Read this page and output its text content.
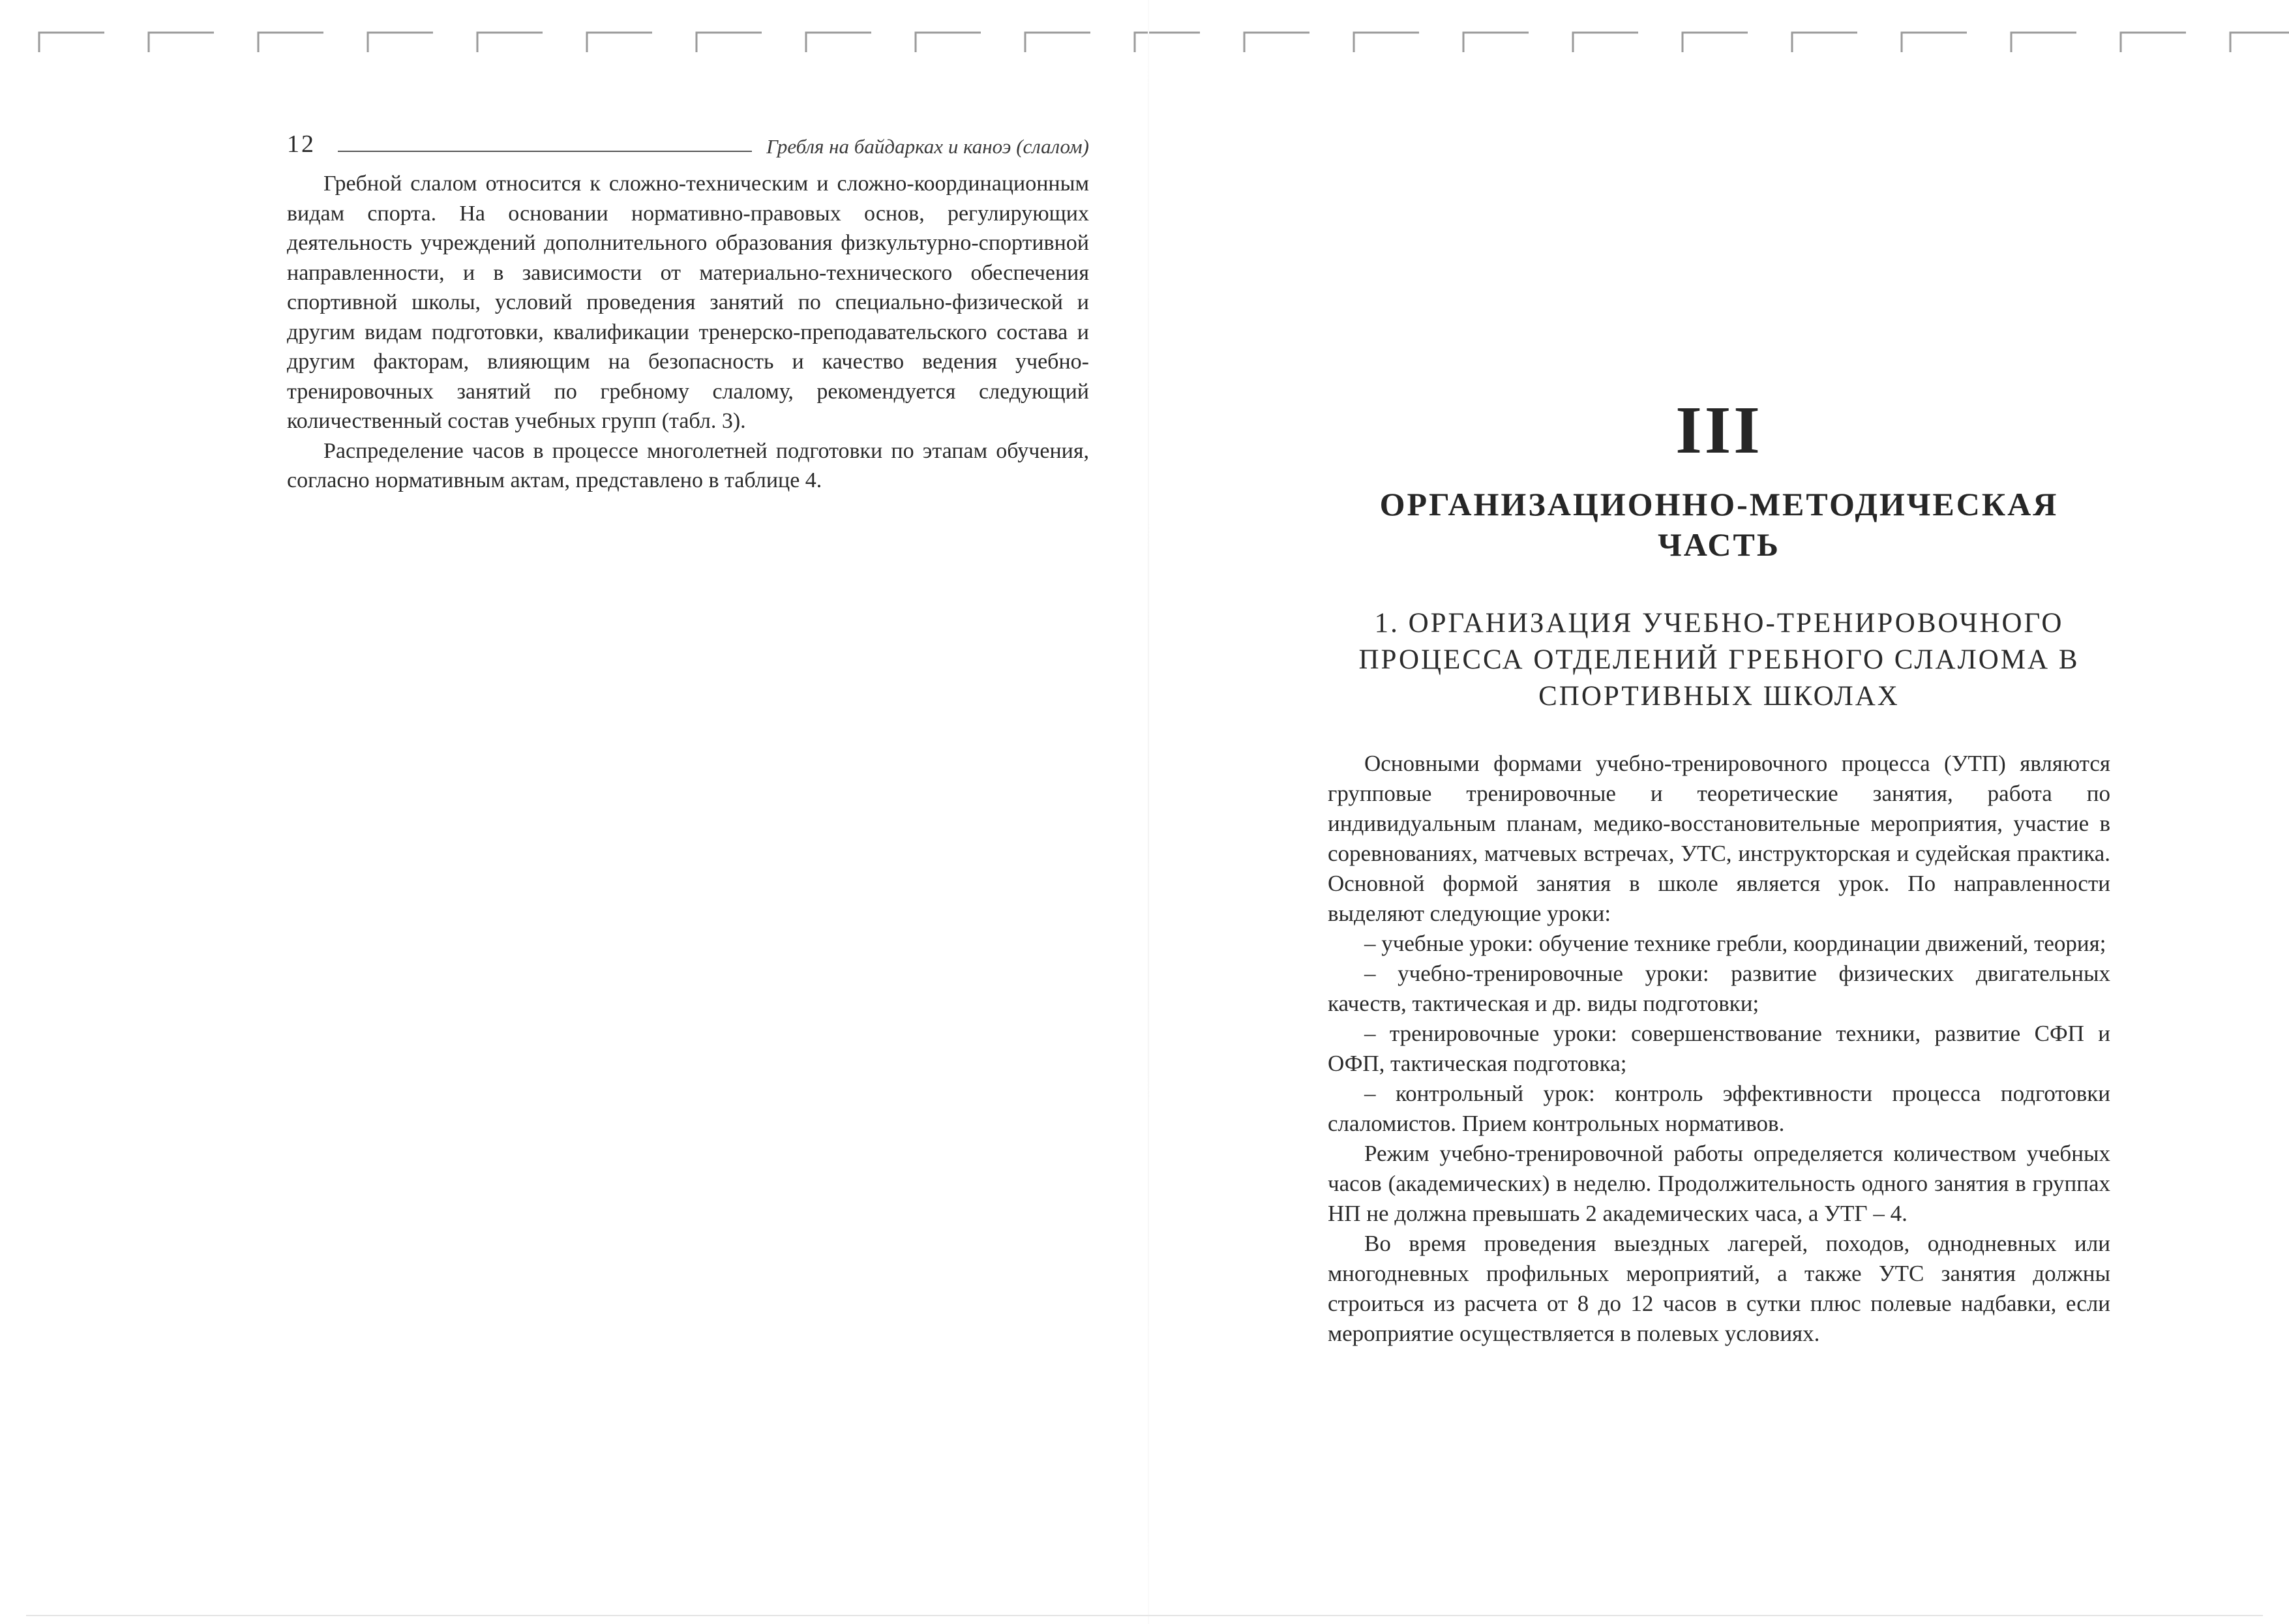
12	Гребля на байдарках и каноэ (слалом)

Гребной слалом относится к сложно-техническим и сложно-координационным видам спорта. На основании нормативно-правовых основ, регулирующих деятельность учреждений дополнительного образования физкультурно-спортивной направленности, и в зависимости от материально-технического обеспечения спортивной школы, условий проведения занятий по специально-физической и другим видам подготовки, квалификации тренерско-преподавательского состава и другим факторам, влияющим на безопасность и качество ведения учебно-тренировочных занятий по гребному слалому, рекомендуется следующий количественный состав учебных групп (табл. 3).

Распределение часов в процессе многолетней подготовки по этапам обучения, согласно нормативным актам, представлено в таблице 4.

III
ОРГАНИЗАЦИОННО-МЕТОДИЧЕСКАЯ ЧАСТЬ
1. ОРГАНИЗАЦИЯ УЧЕБНО-ТРЕНИРОВОЧНОГО ПРОЦЕССА ОТДЕЛЕНИЙ ГРЕБНОГО СЛАЛОМА В СПОРТИВНЫХ ШКОЛАХ

Основными формами учебно-тренировочного процесса (УТП) являются групповые тренировочные и теоретические занятия, работа по индивидуальным планам, медико-восстановительные мероприятия, участие в соревнованиях, матчевых встречах, УТС, инструкторская и судейская практика. Основной формой занятия в школе является урок. По направленности выделяют следующие уроки:

– учебные уроки: обучение технике гребли, координации движений, теория;

– учебно-тренировочные уроки: развитие физических двигательных качеств, тактическая и др. виды подготовки;

– тренировочные уроки: совершенствование техники, развитие СФП и ОФП, тактическая подготовка;

– контрольный урок: контроль эффективности процесса подготовки слаломистов. Прием контрольных нормативов.

Режим учебно-тренировочной работы определяется количеством учебных часов (академических) в неделю. Продолжительность одного занятия в группах НП не должна превышать 2 академических часа, а УТГ – 4.

Во время проведения выездных лагерей, походов, однодневных или многодневных профильных мероприятий, а также УТС занятия должны строиться из расчета от 8 до 12 часов в сутки плюс полевые надбавки, если мероприятие осуществляется в полевых условиях.
